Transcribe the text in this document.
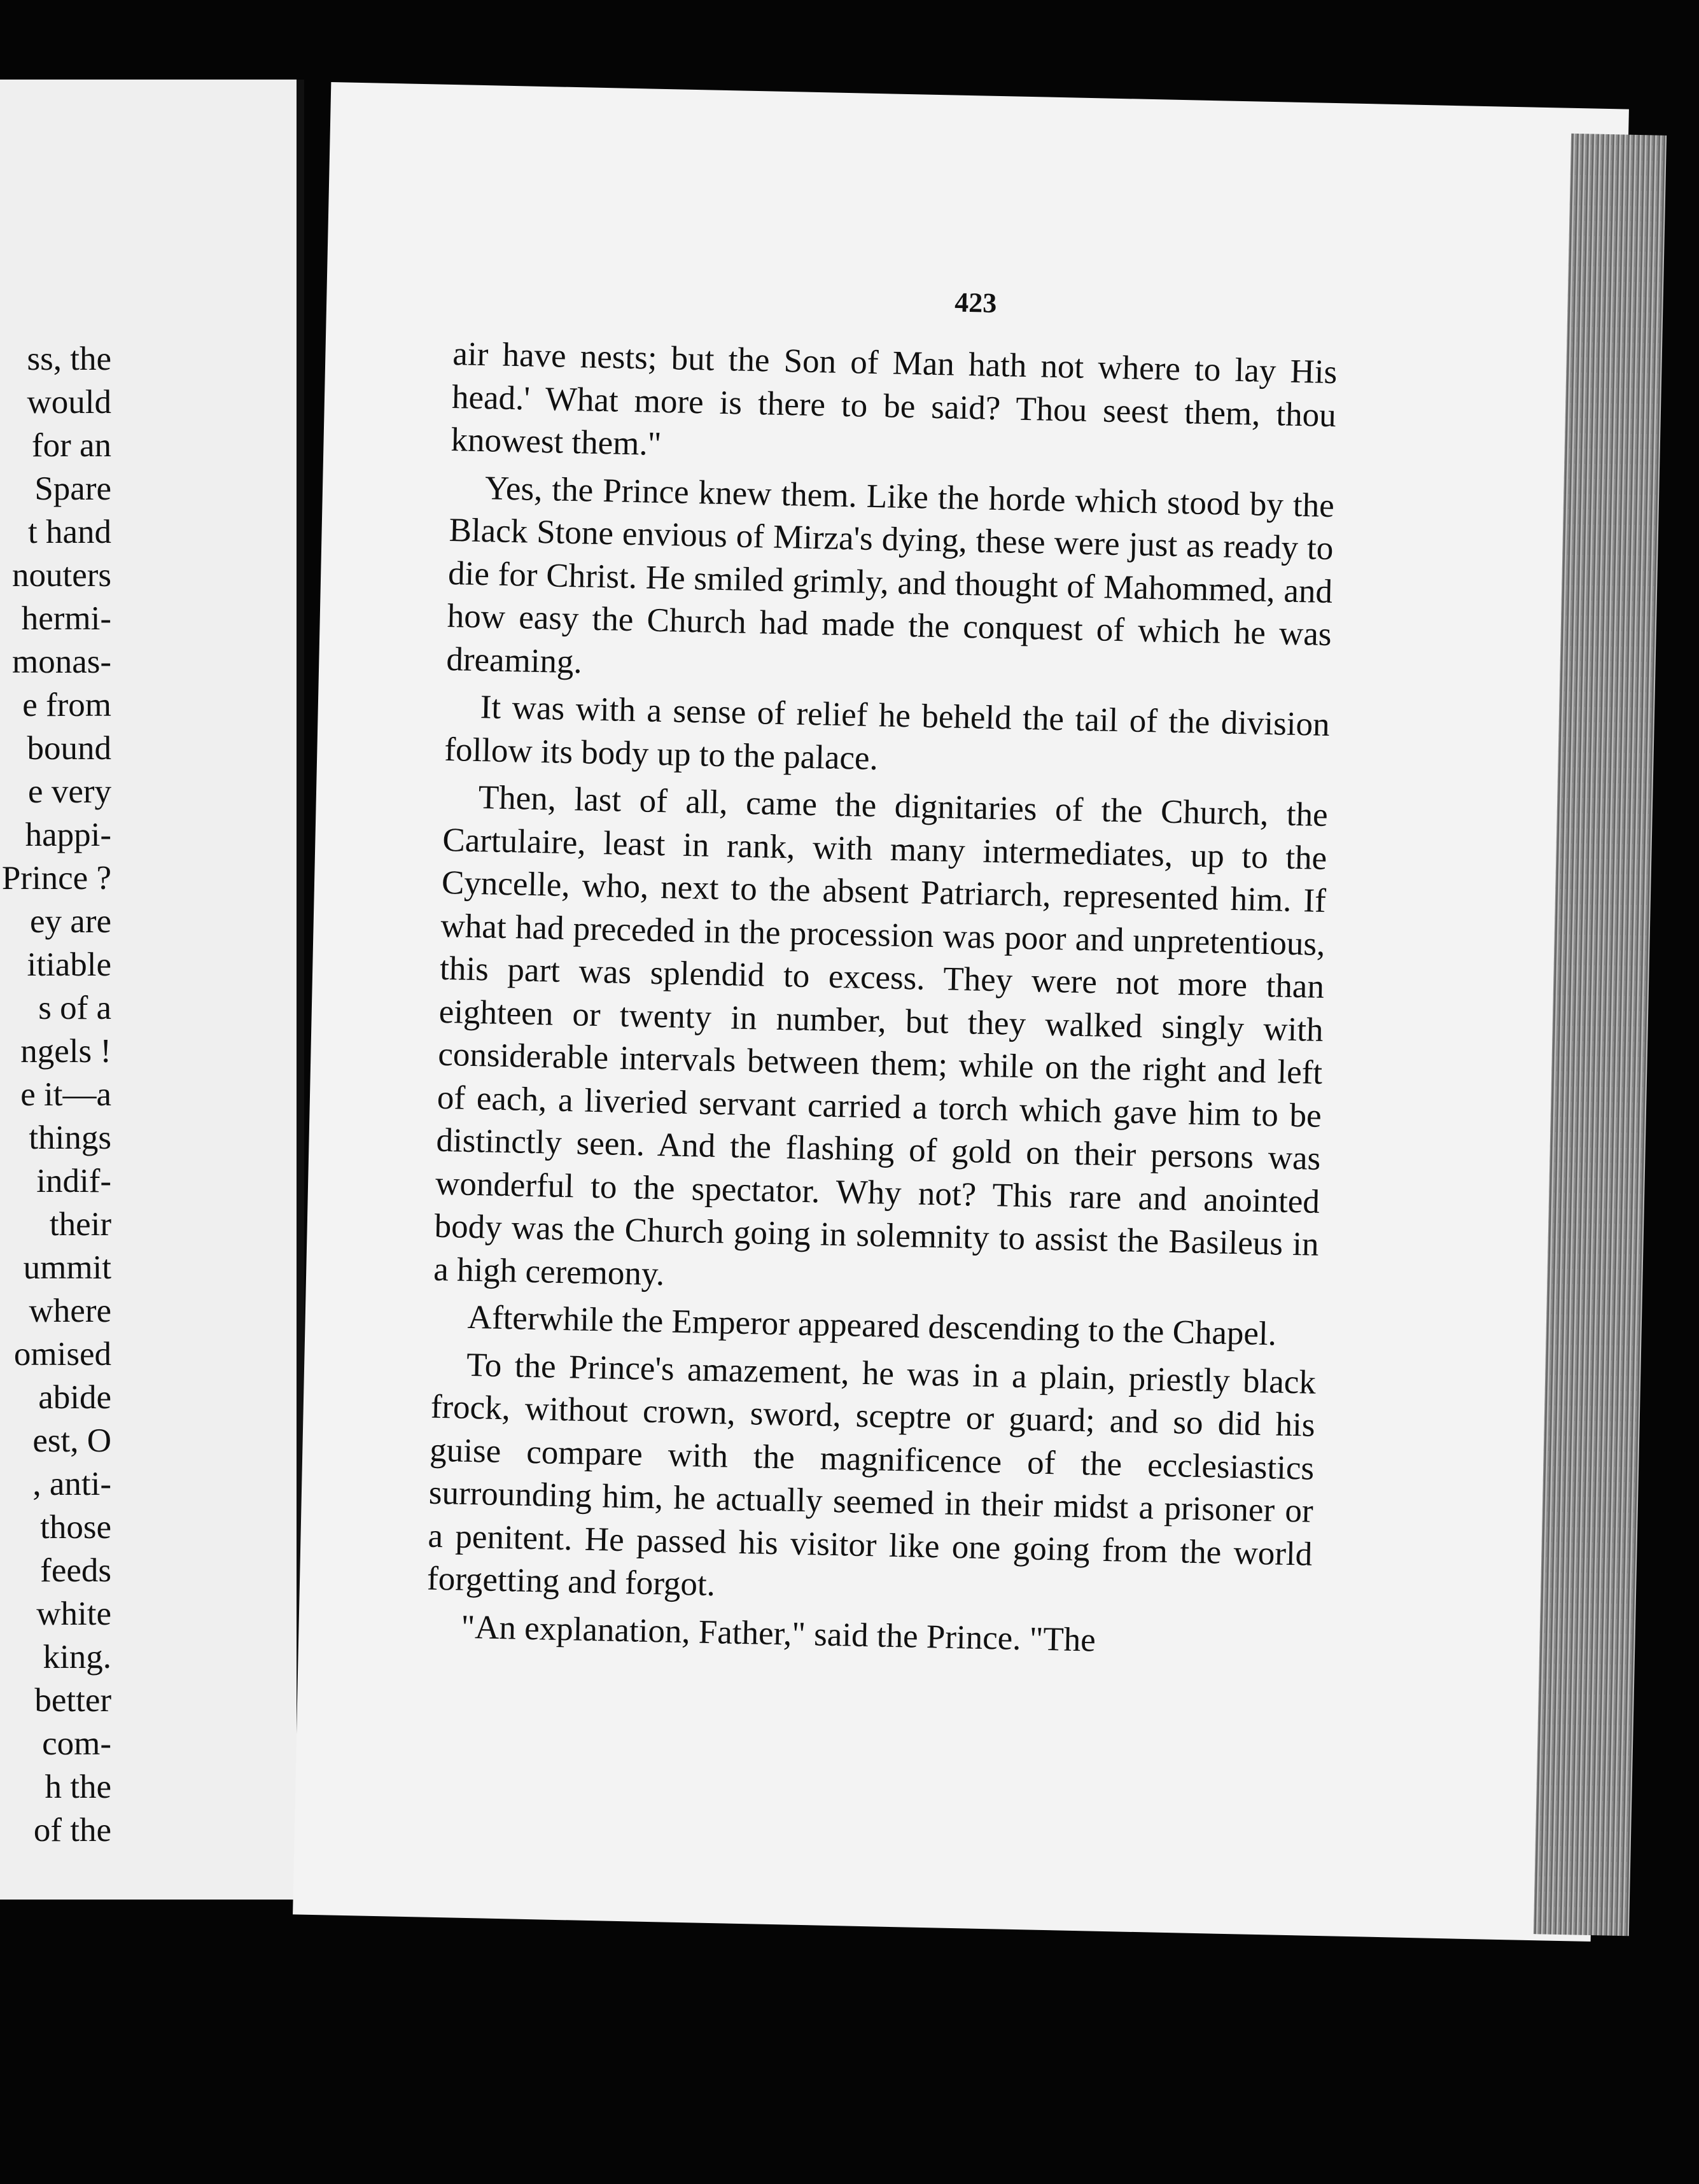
ss, the
would
for an
Spare
t hand
nouters
hermi-
monas-
e from
bound
e very
happi-
Prince ?
ey are
itiable
s of a
ngels !
e it—a
things
indif-
their
ummit
where
omised
abide
est, O
, anti-
those
feeds
white
king.
better
com-
h the
of the
423

air have nests; but the Son of Man hath not where to lay His head.' What more is there to be said? Thou seest them, thou knowest them."

Yes, the Prince knew them. Like the horde which stood by the Black Stone envious of Mirza's dying, these were just as ready to die for Christ. He smiled grimly, and thought of Mahommed, and how easy the Church had made the conquest of which he was dreaming.

It was with a sense of relief he beheld the tail of the division follow its body up to the palace.

Then, last of all, came the dignitaries of the Church, the Cartulaire, least in rank, with many intermediates, up to the Cyncelle, who, next to the absent Patriarch, represented him. If what had preceded in the procession was poor and unpretentious, this part was splendid to excess. They were not more than eighteen or twenty in number, but they walked singly with considerable intervals between them; while on the right and left of each, a liveried servant carried a torch which gave him to be distinctly seen. And the flashing of gold on their persons was wonderful to the spectator. Why not? This rare and anointed body was the Church going in solemnity to assist the Basileus in a high ceremony.

Afterwhile the Emperor appeared descending to the Chapel.

To the Prince's amazement, he was in a plain, priestly black frock, without crown, sword, sceptre or guard; and so did his guise compare with the magnificence of the ecclesiastics surrounding him, he actually seemed in their midst a prisoner or a penitent. He passed his visitor like one going from the world forgetting and forgot.

"An explanation, Father," said the Prince. "The
